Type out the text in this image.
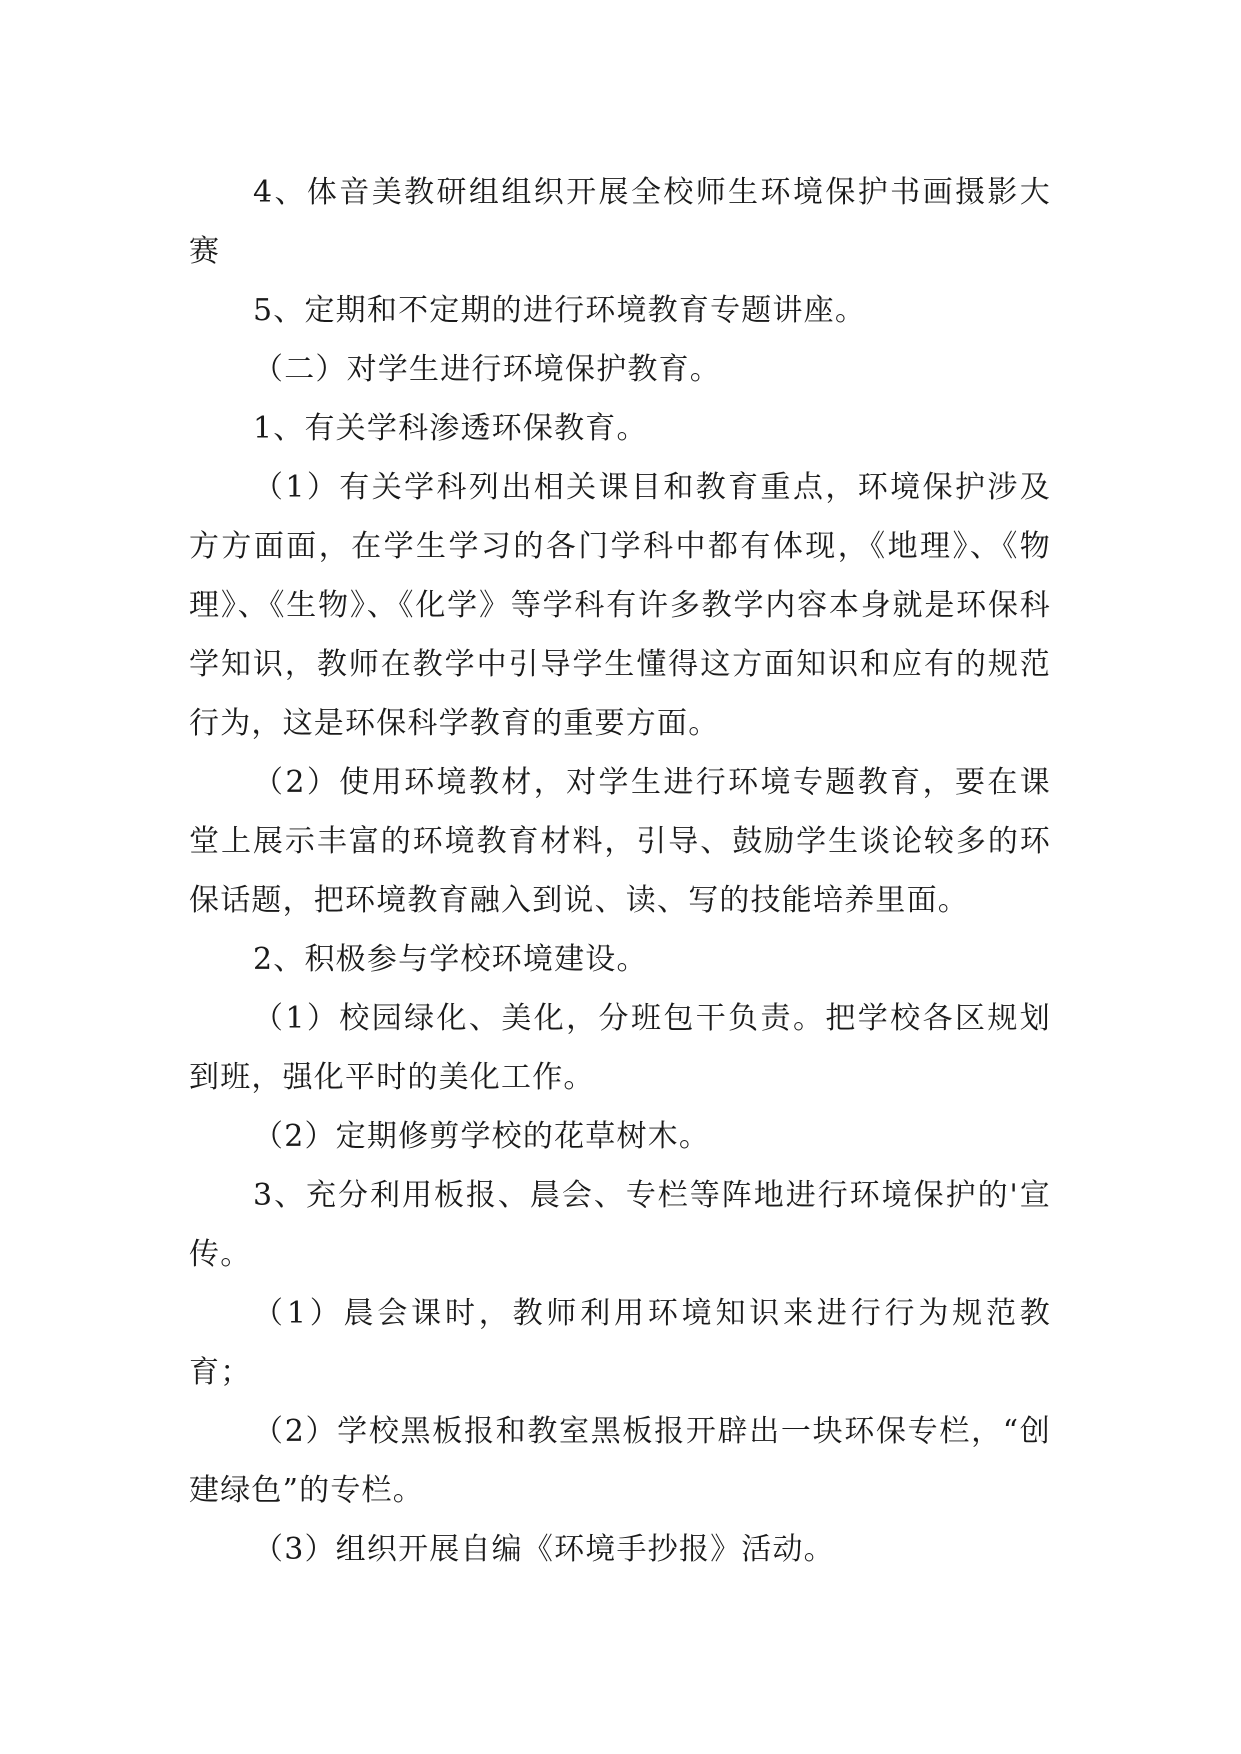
4、体音美教研组组织开展全校师生环境保护书画摄影大赛

5、定期和不定期的进行环境教育专题讲座。

（二）对学生进行环境保护教育。

1、有关学科渗透环保教育。

（1）有关学科列出相关课目和教育重点，环境保护涉及方方面面，在学生学习的各门学科中都有体现，《地理》、《物理》、《生物》、《化学》等学科有许多教学内容本身就是环保科学知识，教师在教学中引导学生懂得这方面知识和应有的规范行为，这是环保科学教育的重要方面。

（2）使用环境教材，对学生进行环境专题教育，要在课堂上展示丰富的环境教育材料，引导、鼓励学生谈论较多的环保话题，把环境教育融入到说、读、写的技能培养里面。

2、积极参与学校环境建设。

（1）校园绿化、美化，分班包干负责。把学校各区规划到班，强化平时的美化工作。

（2）定期修剪学校的花草树木。

3、充分利用板报、晨会、专栏等阵地进行环境保护的'宣传。

（1）晨会课时，教师利用环境知识来进行行为规范教育；

（2）学校黑板报和教室黑板报开辟出一块环保专栏，“创建绿色”的专栏。

（3）组织开展自编《环境手抄报》活动。
